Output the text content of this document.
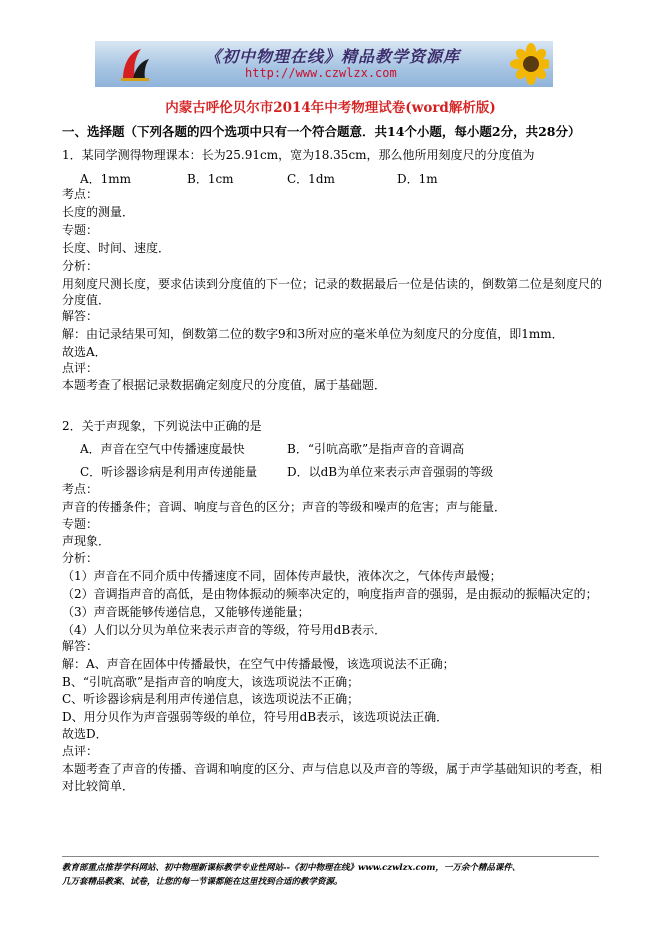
《初中物理在线》精品教学资源库
http://www.czwlzx.com
内蒙古呼伦贝尔市2014年中考物理试卷(word解析版)
一、选择题（下列各题的四个选项中只有一个符合题意．共14个小题，每小题2分，共28分）
1．某同学测得物理课本：长为25.91cm，宽为18.35cm，那么他所用刻度尺的分度值为
A．1mm	B．1cm	C．1dm	D．1m
考点：
长度的测量．
专题：
长度、时间、速度．
分析：
用刻度尺测长度，要求估读到分度值的下一位；记录的数据最后一位是估读的，倒数第二位是刻度尺的
分度值．
解答：
解：由记录结果可知，倒数第二位的数字9和3所对应的毫米单位为刻度尺的分度值，即1mm．
故选A．
点评：
本题考查了根据记录数据确定刻度尺的分度值，属于基础题．
2．关于声现象，下列说法中正确的是
A．声音在空气中传播速度最快	B．“引吭高歌”是指声音的音调高
C．听诊器诊病是利用声传递能量 D．以dB为单位来表示声音强弱的等级
考点：
声音的传播条件；音调、响度与音色的区分；声音的等级和噪声的危害；声与能量．
专题：
声现象．
分析：
（1）声音在不同介质中传播速度不同，固体传声最快，液体次之，气体传声最慢；
（2）音调指声音的高低，是由物体振动的频率决定的，响度指声音的强弱，是由振动的振幅决定的；
（3）声音既能够传递信息，又能够传递能量；
（4）人们以分贝为单位来表示声音的等级，符号用dB表示．
解答：
解：A、声音在固体中传播最快，在空气中传播最慢，该选项说法不正确；
B、“引吭高歌”是指声音的响度大，该选项说法不正确；
C、听诊器诊病是利用声传递信息，该选项说法不正确；
D、用分贝作为声音强弱等级的单位，符号用dB表示，该选项说法正确．
故选D．
点评：
本题考查了声音的传播、音调和响度的区分、声与信息以及声音的等级，属于声学基础知识的考查，相
对比较简单．
教育部重点推荐学科网站、初中物理新课标教学专业性网站--《初中物理在线》www.czwlzx.com，一万余个精品课件、
几万套精品教案、试卷，让您的每一节课都能在这里找到合适的教学资源。
